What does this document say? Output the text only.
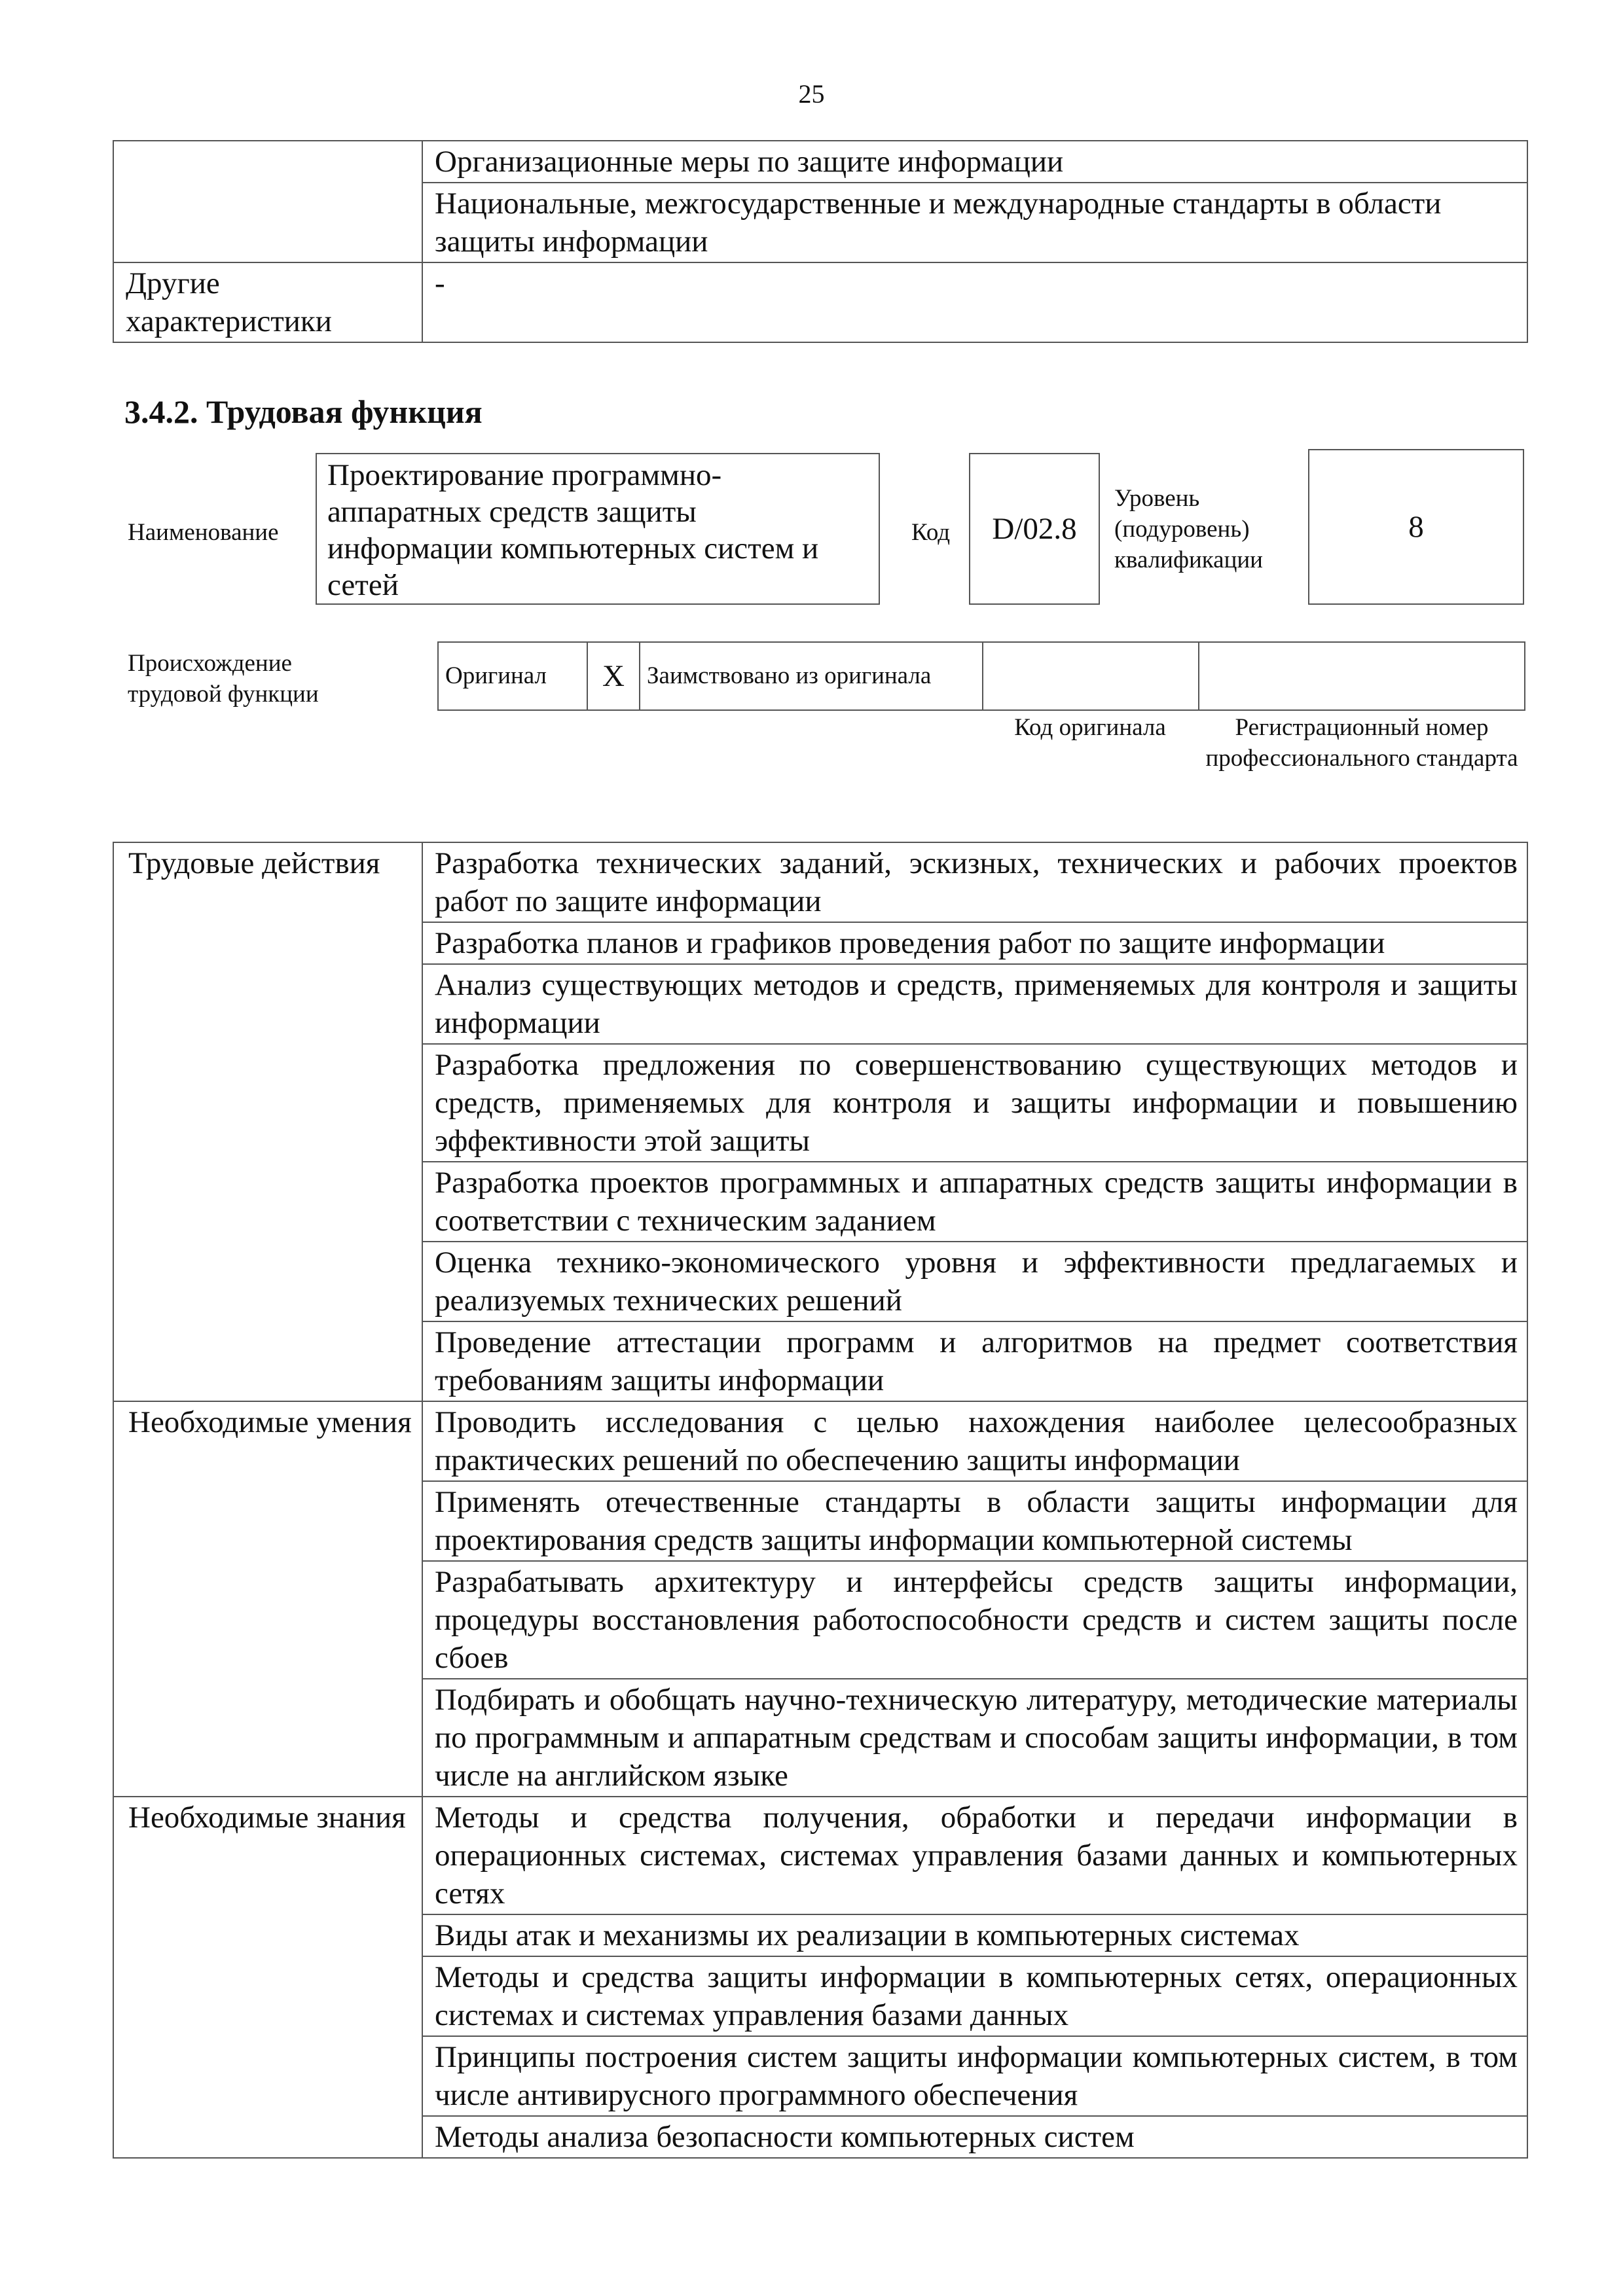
25
	Организационные меры по защите информации
	Национальные, межгосударственные и международные стандарты в области защиты информации
Другие характеристики	-
3.4.2. Трудовая функция
Наименование
Проектирование программно-аппаратных средств защиты информации компьютерных систем и сетей
Код	D/02.8
Уровень (подуровень) квалификации
8
Происхождение трудовой функции
Оригинал	X	Заимствовано из оригинала		
Код оригинала	Регистрационный номер профессионального стандарта
Трудовые действия	Разработка технических заданий, эскизных, технических и рабочих проектов работ по защите информации
	Разработка планов и графиков проведения работ по защите информации
	Анализ существующих методов и средств, применяемых для контроля и защиты информации
	Разработка предложения по совершенствованию существующих методов и средств, применяемых для контроля и защиты информации и повышению эффективности этой защиты
	Разработка проектов программных и аппаратных средств защиты информации в соответствии с техническим заданием
	Оценка технико-экономического уровня и эффективности предлагаемых и реализуемых технических решений
	Проведение аттестации программ и алгоритмов на предмет соответствия требованиям защиты информации
Необходимые умения	Проводить исследования с целью нахождения наиболее целесообразных практических решений по обеспечению защиты информации
	Применять отечественные стандарты в области защиты информации для проектирования средств защиты информации компьютерной системы
	Разрабатывать архитектуру и интерфейсы средств защиты информации, процедуры восстановления работоспособности средств и систем защиты после сбоев
	Подбирать и обобщать научно-техническую литературу, методические материалы по программным и аппаратным средствам и способам защиты информации, в том числе на английском языке
Необходимые знания	Методы и средства получения, обработки и передачи информации в операционных системах, системах управления базами данных и компьютерных сетях
	Виды атак и механизмы их реализации в компьютерных системах
	Методы и средства защиты информации в компьютерных сетях, операционных системах и системах управления базами данных
	Принципы построения систем защиты информации компьютерных систем, в том числе антивирусного программного обеспечения
	Методы анализа безопасности компьютерных систем
